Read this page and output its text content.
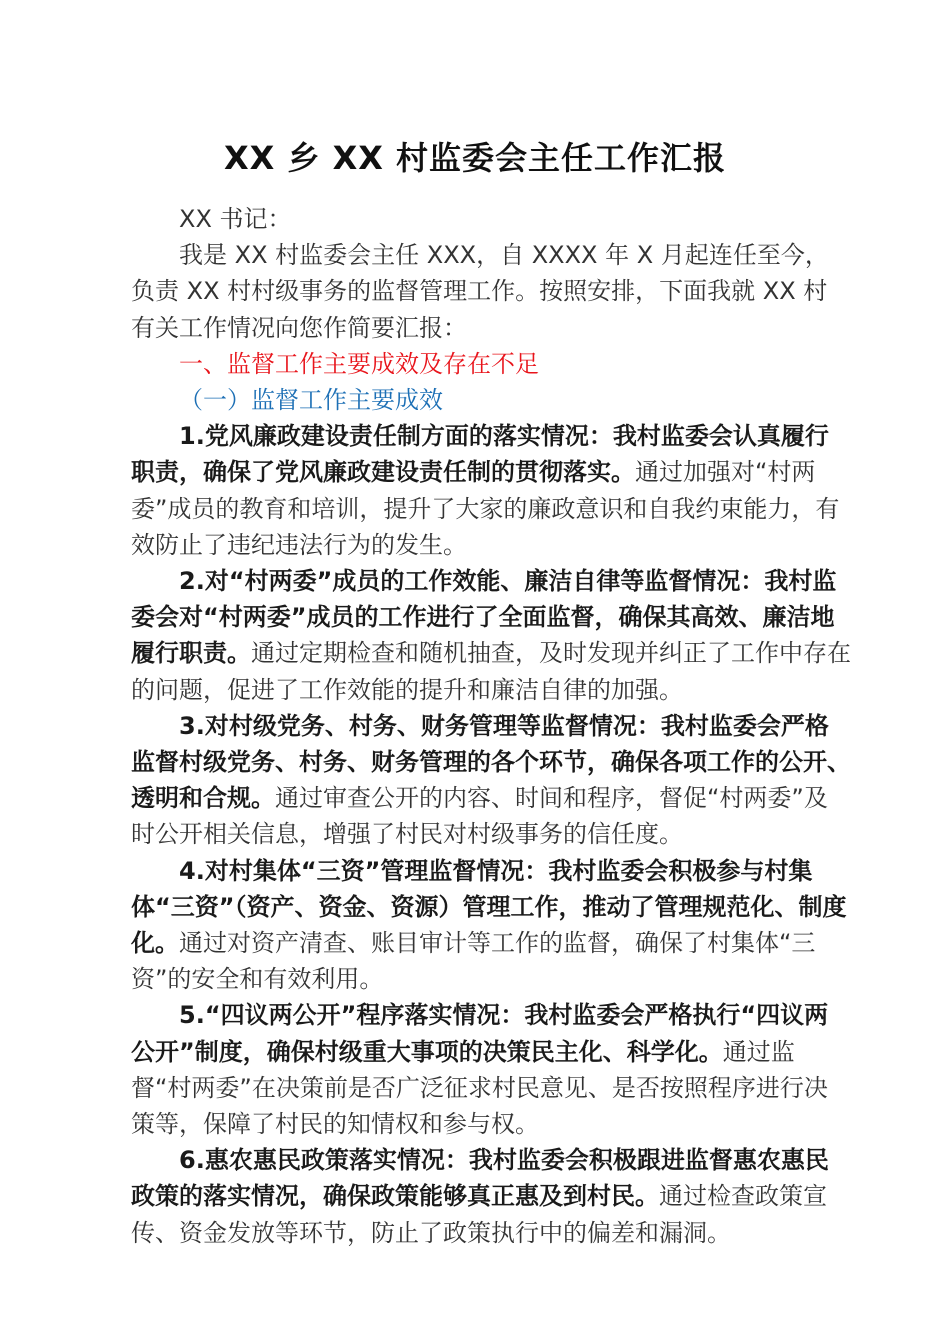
XX 乡 XX 村监委会主任工作汇报

XX 书记：

我是 XX 村监委会主任 XXX，自 XXXX 年 X 月起连任至今，负责 XX 村村级事务的监督管理工作。按照安排，下面我就 XX 村有关工作情况向您作简要汇报：

一、监督工作主要成效及存在不足

（一）监督工作主要成效

1.党风廉政建设责任制方面的落实情况：我村监委会认真履行职责，确保了党风廉政建设责任制的贯彻落实。通过加强对“村两委”成员的教育和培训，提升了大家的廉政意识和自我约束能力，有效防止了违纪违法行为的发生。

2.对“村两委”成员的工作效能、廉洁自律等监督情况：我村监委会对“村两委”成员的工作进行了全面监督，确保其高效、廉洁地履行职责。通过定期检查和随机抽查，及时发现并纠正了工作中存在的问题，促进了工作效能的提升和廉洁自律的加强。

3.对村级党务、村务、财务管理等监督情况：我村监委会严格监督村级党务、村务、财务管理的各个环节，确保各项工作的公开、透明和合规。通过审查公开的内容、时间和程序，督促“村两委”及时公开相关信息，增强了村民对村级事务的信任度。

4.对村集体“三资”管理监督情况：我村监委会积极参与村集体“三资”（资产、资金、资源）管理工作，推动了管理规范化、制度化。通过对资产清查、账目审计等工作的监督，确保了村集体“三资”的安全和有效利用。

5.“四议两公开”程序落实情况：我村监委会严格执行“四议两公开”制度，确保村级重大事项的决策民主化、科学化。通过监督“村两委”在决策前是否广泛征求村民意见、是否按照程序进行决策等，保障了村民的知情权和参与权。

6.惠农惠民政策落实情况：我村监委会积极跟进监督惠农惠民政策的落实情况，确保政策能够真正惠及到村民。通过检查政策宣传、资金发放等环节，防止了政策执行中的偏差和漏洞。
